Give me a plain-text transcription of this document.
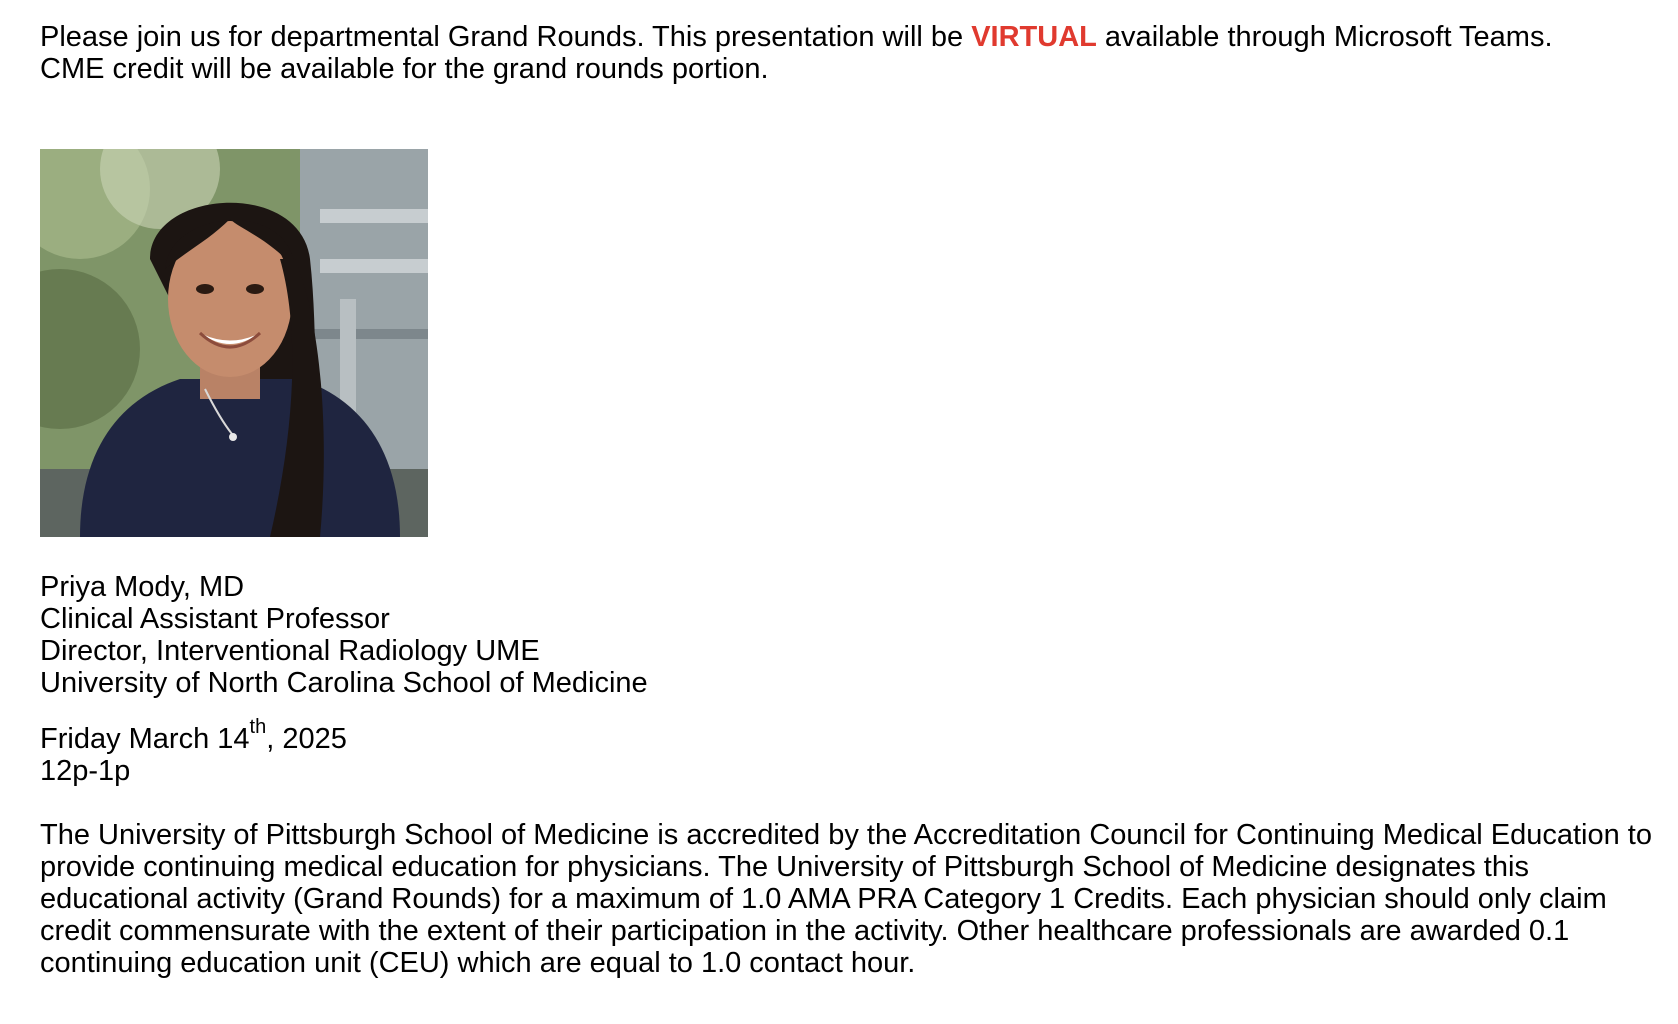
Please join us for departmental Grand Rounds. This presentation will be VIRTUAL available through Microsoft Teams.

CME credit will be available for the grand rounds portion.

Priya Mody, MD

Clinical Assistant Professor

Director, Interventional Radiology UME

University of North Carolina School of Medicine

Friday March 14th, 2025

12p-1p

The University of Pittsburgh School of Medicine is accredited by the Accreditation Council for Continuing Medical Education to provide continuing medical education for physicians. The University of Pittsburgh School of Medicine designates this educational activity (Grand Rounds) for a maximum of 1.0 AMA PRA Category 1 Credits. Each physician should only claim credit commensurate with the extent of their participation in the activity. Other healthcare professionals are awarded 0.1 continuing education unit (CEU) which are equal to 1.0 contact hour.
